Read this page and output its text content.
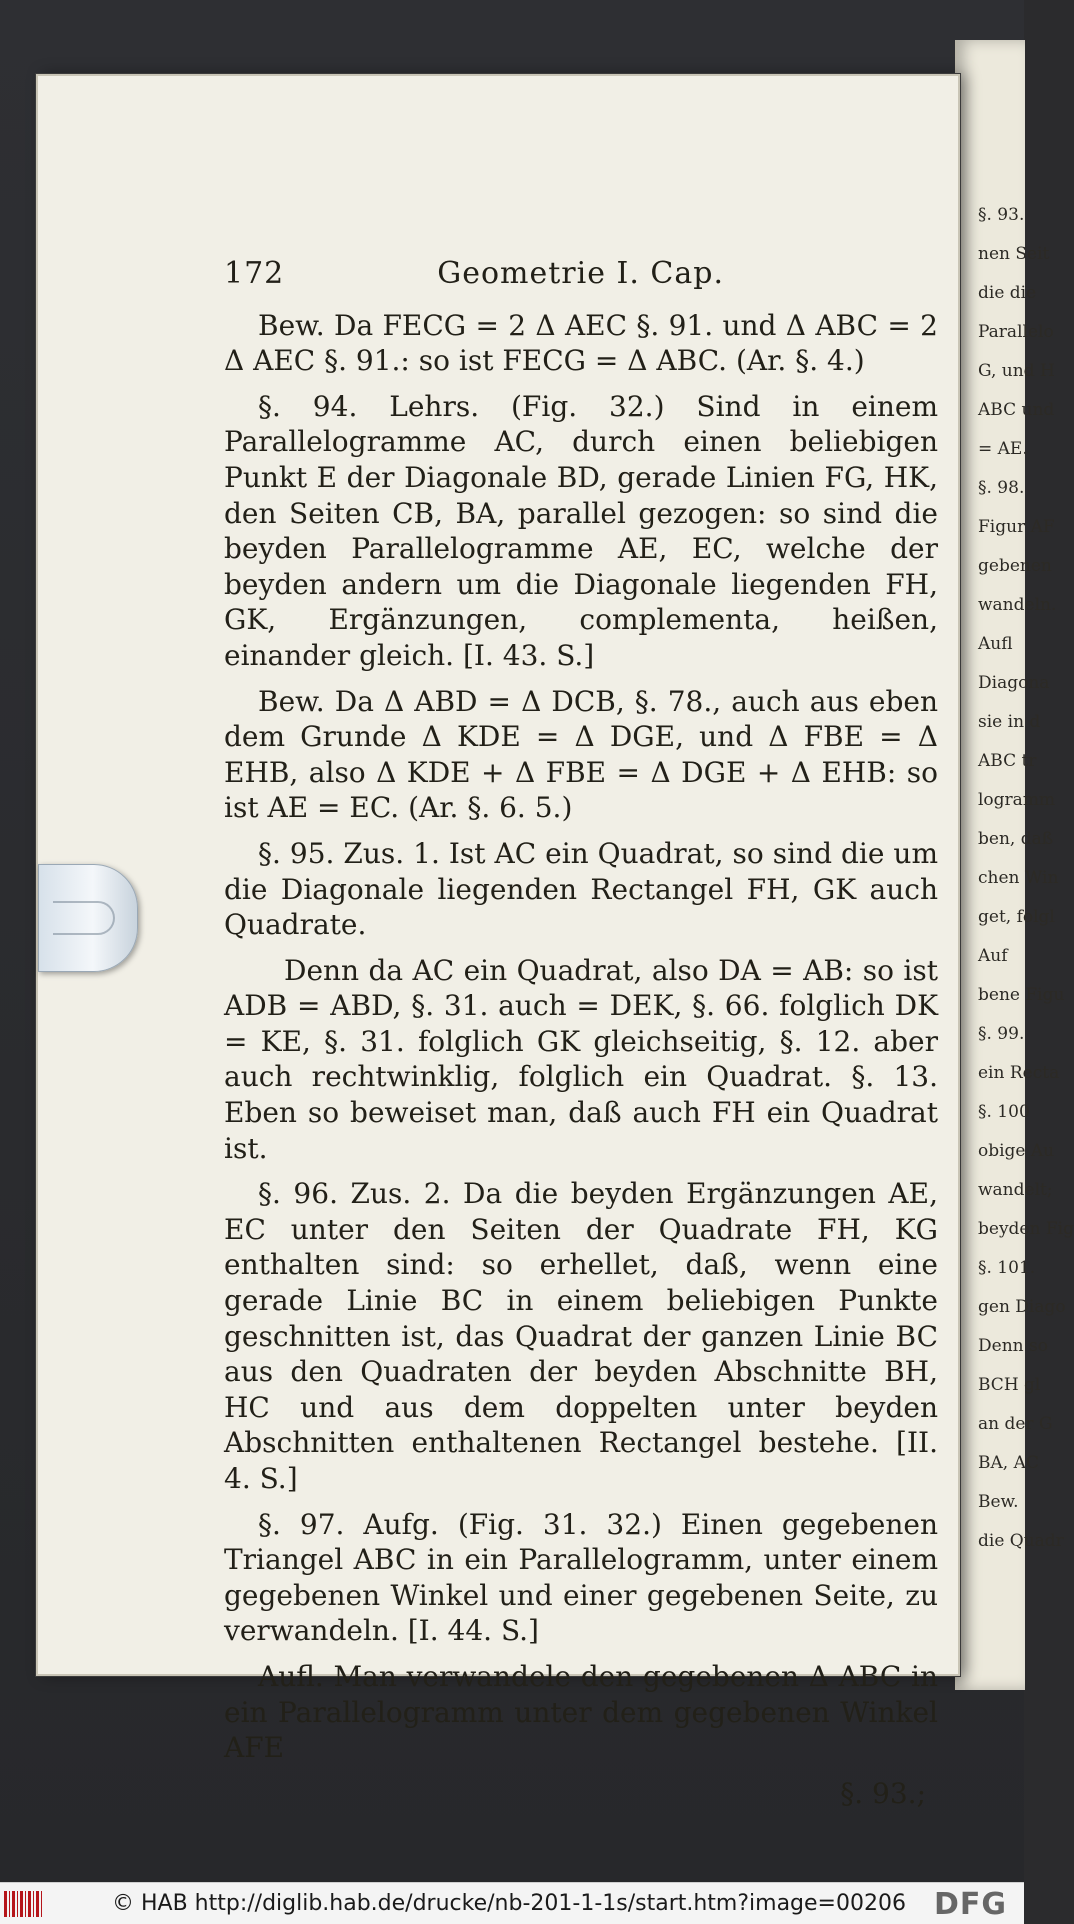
§. 93.
nen Seit
die die
Parallelo
G, und H
ABC und
= AE.
§. 98.
Figur AF
gebenen
wandeln.
Aufl
Diagona
sie in d
ABC tr
logramm
ben, daß
chen Win
get, folgl
Auf
bene Figu
§. 99.
ein Recta
§. 100
obige Au
wandelt;
beyden Fig
§. 101.
gen Diago
Denn so
BCH gl
an der G
BA, AC
Bew.
die Quadr
172	Geometrie I. Cap.

Bew. Da FECG = 2 Δ AEC §. 91. und Δ ABC = 2 Δ AEC §. 91.: so ist FECG = Δ ABC. (Ar. §. 4.)

§. 94. Lehrs. (Fig. 32.) Sind in einem Parallelogramme AC, durch einen beliebigen Punkt E der Diagonale BD, gerade Linien FG, HK, den Seiten CB, BA, parallel gezogen: so sind die beyden Parallelogramme AE, EC, welche der beyden andern um die Diagonale liegenden FH, GK, Ergänzungen, complementa, heißen, einander gleich. [I. 43. S.]

Bew. Da Δ ABD = Δ DCB, §. 78., auch aus eben dem Grunde Δ KDE = Δ DGE, und Δ FBE = Δ EHB, also Δ KDE + Δ FBE = Δ DGE + Δ EHB: so ist AE = EC. (Ar. §. 6. 5.)

§. 95. Zus. 1. Ist AC ein Quadrat, so sind die um die Diagonale liegenden Rectangel FH, GK auch Quadrate.

Denn da AC ein Quadrat, also DA = AB: so ist ADB = ABD, §. 31. auch = DEK, §. 66. folglich DK = KE, §. 31. folglich GK gleichseitig, §. 12. aber auch rechtwinklig, folglich ein Quadrat. §. 13. Eben so beweiset man, daß auch FH ein Quadrat ist.

§. 96. Zus. 2. Da die beyden Ergänzungen AE, EC unter den Seiten der Quadrate FH, KG enthalten sind: so erhellet, daß, wenn eine gerade Linie BC in einem beliebigen Punkte geschnitten ist, das Quadrat der ganzen Linie BC aus den Quadraten der beyden Abschnitte BH, HC und aus dem doppelten unter beyden Abschnitten enthaltenen Rectangel bestehe. [II. 4. S.]

§. 97. Aufg. (Fig. 31. 32.) Einen gegebenen Triangel ABC in ein Parallelogramm, unter einem gegebenen Winkel und einer gegebenen Seite, zu verwandeln. [I. 44. S.]

Aufl. Man verwandele den gegebenen Δ ABC in ein Parallelogramm unter dem gegebenen Winkel AFE

§. 93.;
© HAB http://diglib.hab.de/drucke/nb-201-1-1s/start.htm?image=00206 DFG
